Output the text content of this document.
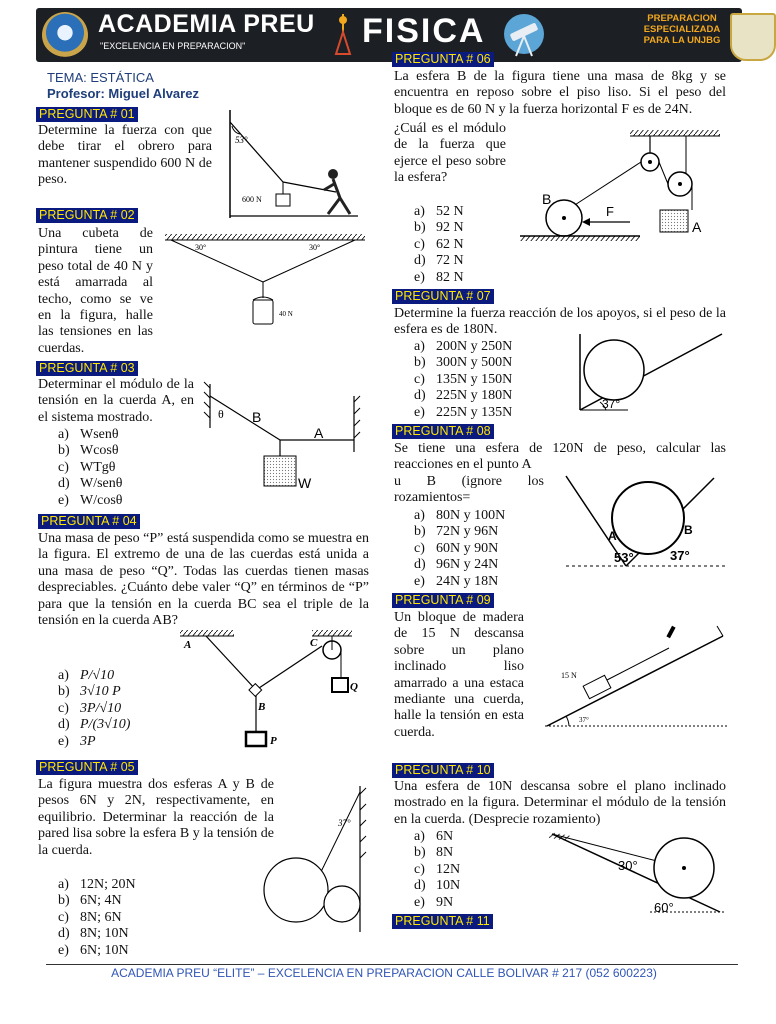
ACADEMIA PREU
"EXCELENCIA EN PREPARACION"	FISICA	PREPARACION
ESPECIALIZADA
PARA LA UNJBG
TEMA: ESTÁTICA
Profesor: Miguel Alvarez
PREGUNTA # 01
Determine la fuerza con que debe tirar el obrero para mantener suspendido 600 N de peso.
53°
600 N
PREGUNTA # 02
Una cubeta de pintura tiene un peso total de 40 N y está amarrada al techo, como se ve en la figura, halle las tensiones en las cuerdas.
30°	30°
40 N
PREGUNTA # 03
Determinar el módulo de la tensión en la cuerda A, en el sistema mostrado.
a) Wsenθ
b) Wcosθ
c) WTgθ
d) W/senθ
e) W/cosθ
θ B
A
W
PREGUNTA # 04
Una masa de peso “P” está suspendida como se muestra en la figura. El extremo de una de las cuerdas está unida a una masa de peso “Q”. Todas las cuerdas tienen masas despreciables. ¿Cuánto debe valer “Q” en términos de “P” para que la tensión en la cuerda BC sea el triple de la tensión en la cuerda AB?
a) P/√10
b) 3√10 P
c) 3P/√10
d) P/(3√10)
e) 3P
A
B
C
P
Q
PREGUNTA # 05
La figura muestra dos esferas A y B de pesos 6N y 2N, respectivamente, en equilibrio. Determinar la reacción de la pared lisa sobre la esfera B y la tensión de la cuerda.
a) 12N; 20N
b) 6N; 4N
c) 8N; 6N
d) 8N; 10N
e) 6N; 10N
37°
PREGUNTA # 06
La esfera B de la figura tiene una masa de 8kg y se encuentra en reposo sobre el piso liso. Si el peso del bloque es de 60 N y la fuerza horizontal F es de 24N.
¿Cuál es el módulo de la fuerza que ejerce el peso sobre la esfera?
a) 52 N
b) 92 N
c) 62 N
d) 72 N
e) 82 N
B
A
F
PREGUNTA # 07
Determine la fuerza reacción de los apoyos, si el peso de la esfera es de 180N.
a) 200N y 250N
b) 300N y 500N
c) 135N y 150N
d) 225N y 180N
e) 225N y 135N
37°
PREGUNTA # 08
Se tiene una esfera de 120N de peso, calcular las reacciones en el punto A
u B (ignore los rozamientos=
a) 80N y 100N
b) 72N y 96N
c) 60N y 90N
d) 96N y 24N
e) 24N y 18N
A	B
53°	37°
PREGUNTA # 09
Un bloque de madera de 15 N descansa sobre un plano inclinado liso amarrado a una estaca mediante una cuerda, halle la tensión en esta cuerda.
15 N
37°
PREGUNTA # 10
Una esfera de 10N descansa sobre el plano inclinado mostrado en la figura. Determinar el módulo de la tensión en la cuerda. (Desprecie rozamiento)
a) 6N
b) 8N
c) 12N
d) 10N
e) 9N
30°
60°
PREGUNTA # 11
ACADEMIA PREU “ELITE” – EXCELENCIA EN PREPARACION CALLE BOLIVAR # 217 (052 600223)
